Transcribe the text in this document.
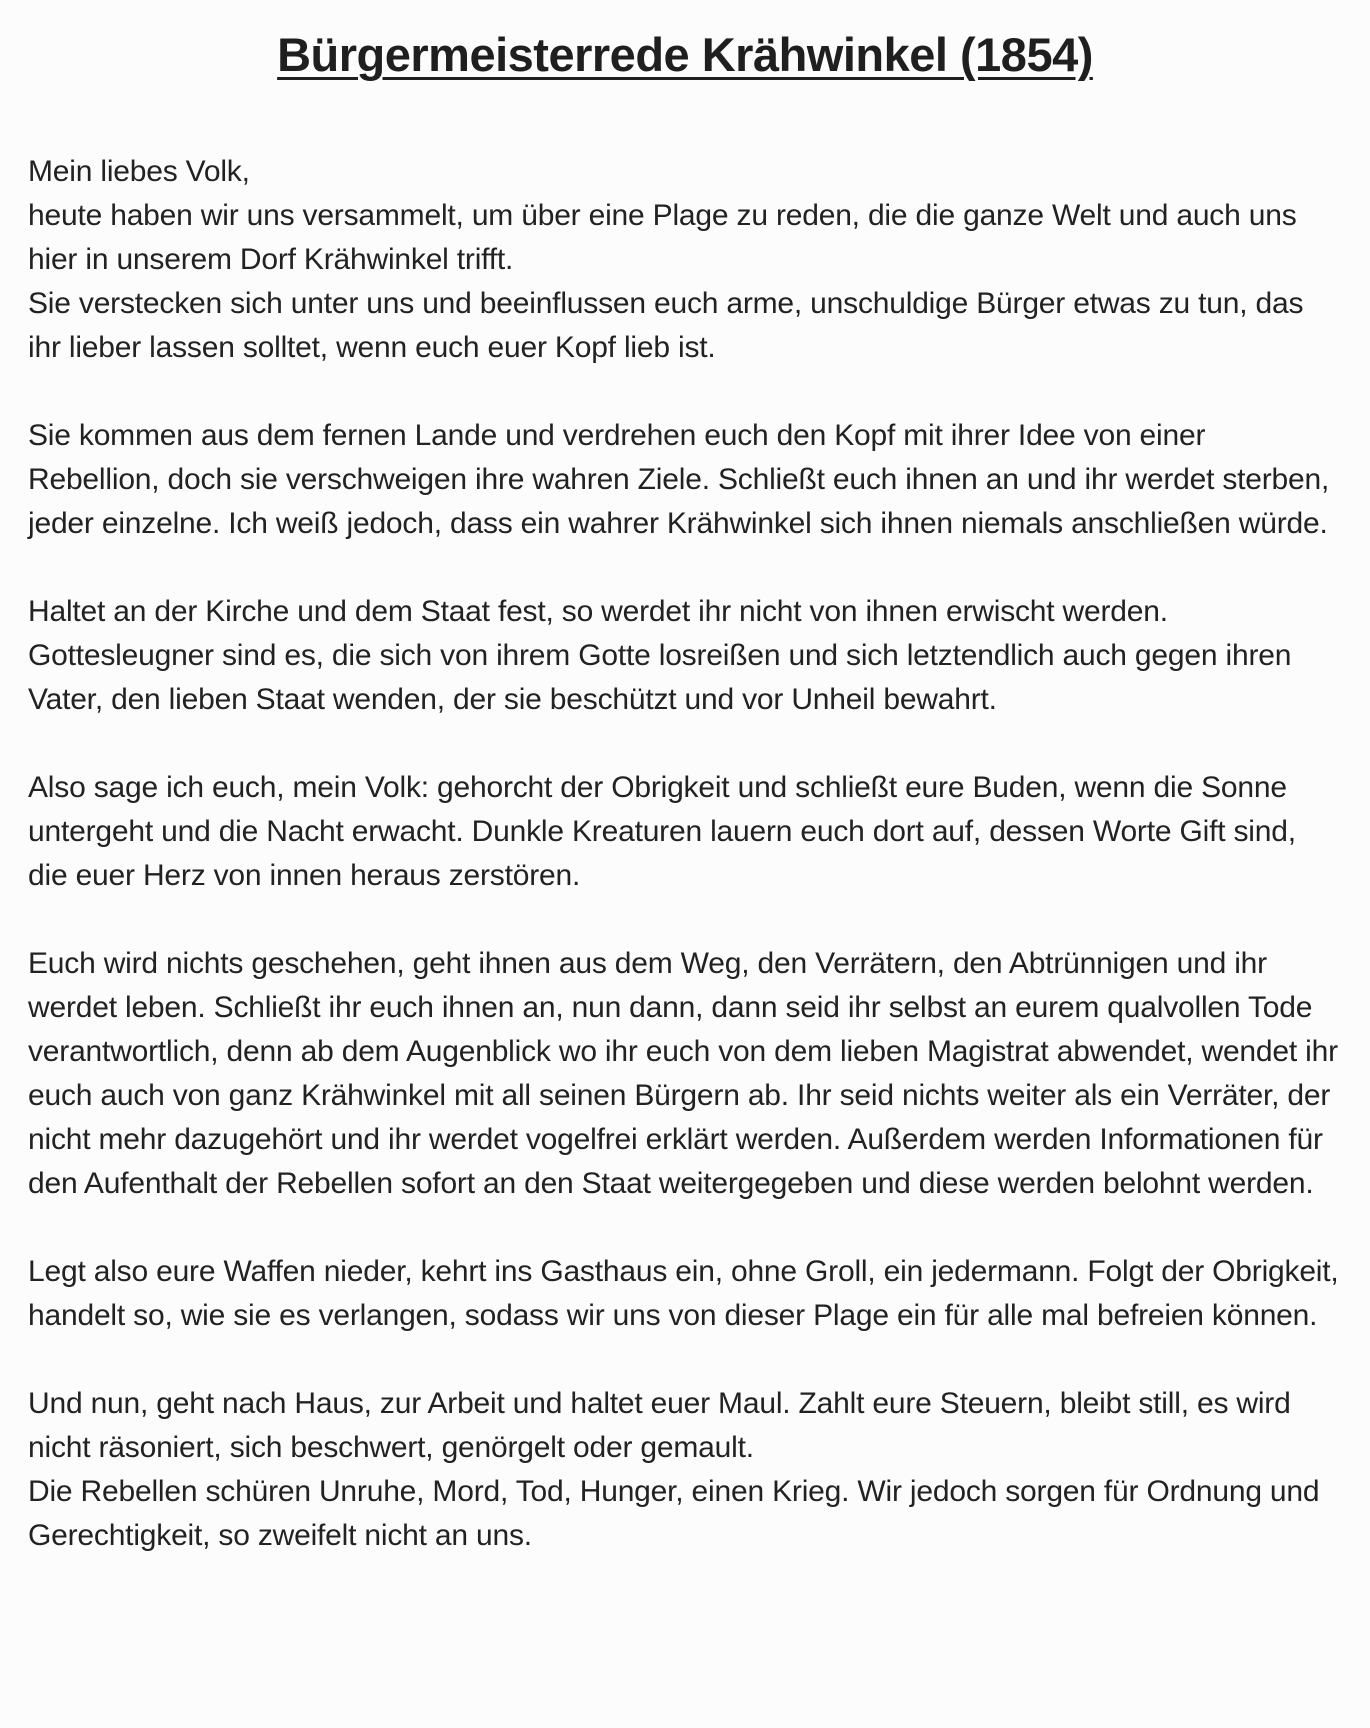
Bürgermeisterrede Krähwinkel (1854)

Mein liebes Volk,
heute haben wir uns versammelt, um über eine Plage zu reden, die die ganze Welt und auch uns hier in unserem Dorf Krähwinkel trifft.
Sie verstecken sich unter uns und beeinflussen euch arme, unschuldige Bürger etwas zu tun, das ihr lieber lassen solltet, wenn euch euer Kopf lieb ist.

Sie kommen aus dem fernen Lande und verdrehen euch den Kopf mit ihrer Idee von einer Rebellion, doch sie verschweigen ihre wahren Ziele. Schließt euch ihnen an und ihr werdet sterben, jeder einzelne. Ich weiß jedoch, dass ein wahrer Krähwinkel sich ihnen niemals anschließen würde.

Haltet an der Kirche und dem Staat fest, so werdet ihr nicht von ihnen erwischt werden. Gottesleugner sind es, die sich von ihrem Gotte losreißen und sich letztendlich auch gegen ihren Vater, den lieben Staat wenden, der sie beschützt und vor Unheil bewahrt.

Also sage ich euch, mein Volk: gehorcht der Obrigkeit und schließt eure Buden, wenn die Sonne untergeht und die Nacht erwacht. Dunkle Kreaturen lauern euch dort auf, dessen Worte Gift sind, die euer Herz von innen heraus zerstören.

Euch wird nichts geschehen, geht ihnen aus dem Weg, den Verrätern, den Abtrünnigen und ihr werdet leben. Schließt ihr euch ihnen an, nun dann, dann seid ihr selbst an eurem qualvollen Tode verantwortlich, denn ab dem Augenblick wo ihr euch von dem lieben Magistrat abwendet, wendet ihr euch auch von ganz Krähwinkel mit all seinen Bürgern ab. Ihr seid nichts weiter als ein Verräter, der nicht mehr dazugehört und ihr werdet vogelfrei erklärt werden. Außerdem werden Informationen für den Aufenthalt der Rebellen sofort an den Staat weitergegeben und diese werden belohnt werden.

Legt also eure Waffen nieder, kehrt ins Gasthaus ein, ohne Groll, ein jedermann. Folgt der Obrigkeit, handelt so, wie sie es verlangen, sodass wir uns von dieser Plage ein für alle mal befreien können.

Und nun, geht nach Haus, zur Arbeit und haltet euer Maul. Zahlt eure Steuern, bleibt still, es wird nicht räsoniert, sich beschwert, genörgelt oder gemault.
Die Rebellen schüren Unruhe, Mord, Tod, Hunger, einen Krieg. Wir jedoch sorgen für Ordnung und Gerechtigkeit, so zweifelt nicht an uns.
